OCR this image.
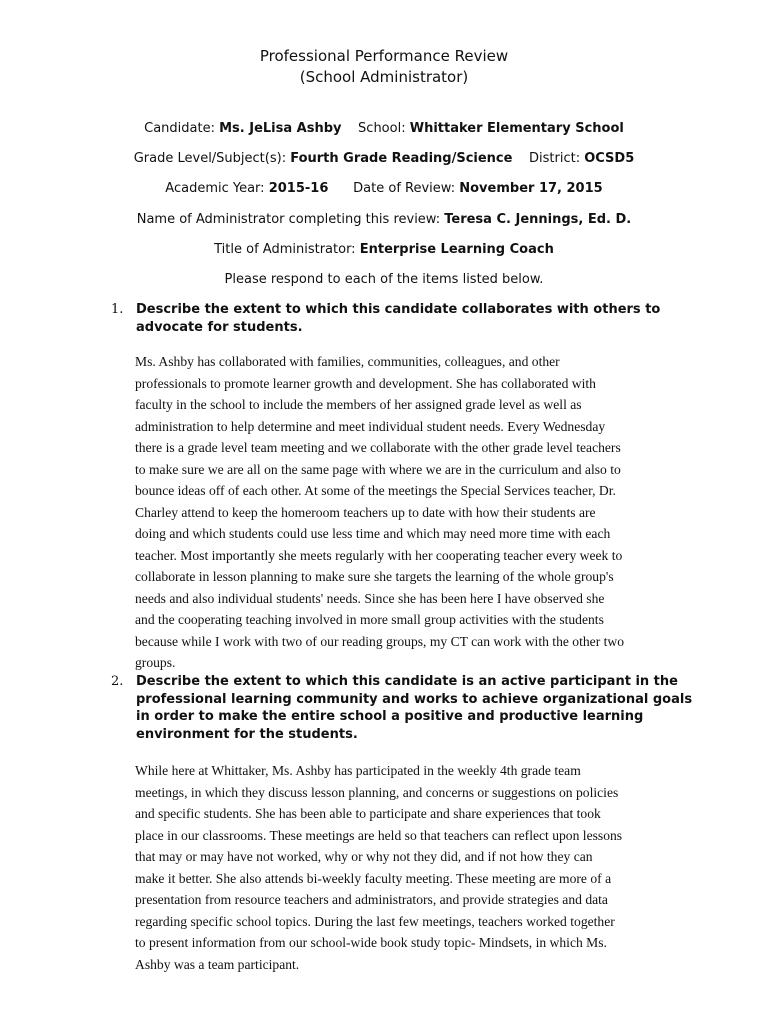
Professional Performance Review
(School Administrator)
Candidate: Ms. JeLisa Ashby School: Whittaker Elementary School
Grade Level/Subject(s): Fourth Grade Reading/Science District: OCSD5
Academic Year: 2015-16 Date of Review: November 17, 2015
Name of Administrator completing this review: Teresa C. Jennings, Ed. D.
Title of Administrator: Enterprise Learning Coach
Please respond to each of the items listed below.
1. Describe the extent to which this candidate collaborates with others to
advocate for students.
Ms. Ashby has collaborated with families, communities, colleagues, and other
professionals to promote learner growth and development. She has collaborated with
faculty in the school to include the members of her assigned grade level as well as
administration to help determine and meet individual student needs. Every Wednesday
there is a grade level team meeting and we collaborate with the other grade level teachers
to make sure we are all on the same page with where we are in the curriculum and also to
bounce ideas off of each other. At some of the meetings the Special Services teacher, Dr.
Charley attend to keep the homeroom teachers up to date with how their students are
doing and which students could use less time and which may need more time with each
teacher. Most importantly she meets regularly with her cooperating teacher every week to
collaborate in lesson planning to make sure she targets the learning of the whole group's
needs and also individual students' needs. Since she has been here I have observed she
and the cooperating teaching involved in more small group activities with the students
because while I work with two of our reading groups, my CT can work with the other two
groups.
2. Describe the extent to which this candidate is an active participant in the
professional learning community and works to achieve organizational goals
in order to make the entire school a positive and productive learning
environment for the students.
While here at Whittaker, Ms. Ashby has participated in the weekly 4th grade team
meetings, in which they discuss lesson planning, and concerns or suggestions on policies
and specific students. She has been able to participate and share experiences that took
place in our classrooms. These meetings are held so that teachers can reflect upon lessons
that may or may have not worked, why or why not they did, and if not how they can
make it better. She also attends bi-weekly faculty meeting. These meeting are more of a
presentation from resource teachers and administrators, and provide strategies and data
regarding specific school topics. During the last few meetings, teachers worked together
to present information from our school-wide book study topic- Mindsets, in which Ms.
Ashby was a team participant.
